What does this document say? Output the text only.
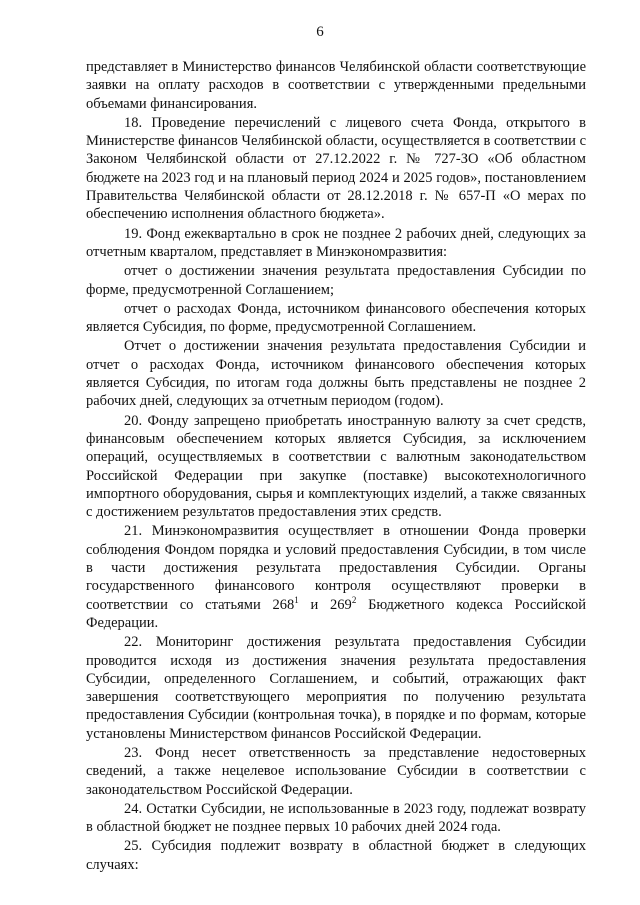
6

представляет в Министерство финансов Челябинской области соответствующие заявки на оплату расходов в соответствии с утвержденными предельными объемами финансирования.

18. Проведение перечислений с лицевого счета Фонда, открытого в Министерстве финансов Челябинской области, осуществляется в соответствии с Законом Челябинской области от 27.12.2022 г. № 727-ЗО «Об областном бюджете на 2023 год и на плановый период 2024 и 2025 годов», постановлением Правительства Челябинской области от 28.12.2018 г. № 657-П «О мерах по обеспечению исполнения областного бюджета».

19. Фонд ежеквартально в срок не позднее 2 рабочих дней, следующих за отчетным кварталом, представляет в Минэкономразвития:

отчет о достижении значения результата предоставления Субсидии по форме, предусмотренной Соглашением;

отчет о расходах Фонда, источником финансового обеспечения которых является Субсидия, по форме, предусмотренной Соглашением.

Отчет о достижении значения результата предоставления Субсидии и отчет о расходах Фонда, источником финансового обеспечения которых является Субсидия, по итогам года должны быть представлены не позднее 2 рабочих дней, следующих за отчетным периодом (годом).

20. Фонду запрещено приобретать иностранную валюту за счет средств, финансовым обеспечением которых является Субсидия, за исключением операций, осуществляемых в соответствии с валютным законодательством Российской Федерации при закупке (поставке) высокотехнологичного импортного оборудования, сырья и комплектующих изделий, а также связанных с достижением результатов предоставления этих средств.

21. Минэкономразвития осуществляет в отношении Фонда проверки соблюдения Фондом порядка и условий предоставления Субсидии, в том числе в части достижения результата предоставления Субсидии. Органы государственного финансового контроля осуществляют проверки в соответствии со статьями $268^1$ и $269^2$ Бюджетного кодекса Российской Федерации.

22. Мониторинг достижения результата предоставления Субсидии проводится исходя из достижения значения результата предоставления Субсидии, определенного Соглашением, и событий, отражающих факт завершения соответствующего мероприятия по получению результата предоставления Субсидии (контрольная точка), в порядке и по формам, которые установлены Министерством финансов Российской Федерации.

23. Фонд несет ответственность за представление недостоверных сведений, а также нецелевое использование Субсидии в соответствии с законодательством Российской Федерации.

24. Остатки Субсидии, не использованные в 2023 году, подлежат возврату в областной бюджет не позднее первых 10 рабочих дней 2024 года.

25. Субсидия подлежит возврату в областной бюджет в следующих случаях:
